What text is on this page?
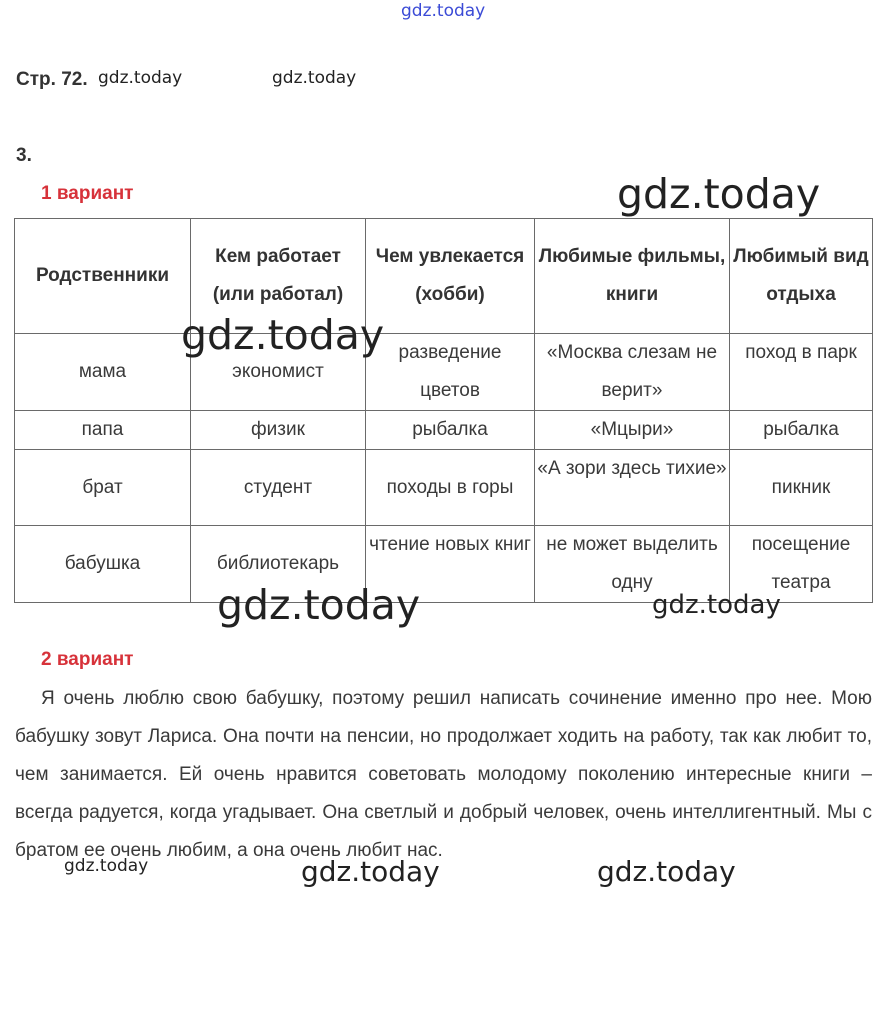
gdz.today
gdz.today	gdz.today
Стр. 72.
3.
1 вариант
Родственники	Кем работает (или работал)	Чем увлекается (хобби)	Любимые фильмы, книги	Любимый вид отдыха
мама	экономист	разведение цветов	«Москва слезам не верит»	поход в парк
папа	физик	рыбалка	«Мцыри»	рыбалка
брат	студент	походы в горы	«А зори здесь тихие»	пикник
бабушка	библиотекарь	чтение новых книг	не может выделить одну	посещение театра
2 вариант
Я очень люблю свою бабушку, поэтому решил написать сочинение именно про нее. Мою бабушку зовут Лариса. Она почти на пенсии, но продолжает ходить на работу, так как любит то, чем занимается. Ей очень нравится советовать молодому поколению интересные книги – всегда радуется, когда угадывает. Она светлый и добрый человек, очень интеллигентный. Мы с братом ее очень любим, а она очень любит нас.
gdz.today
gdz.today
gdz.today	gdz.today
gdz.today	gdz.today	gdz.today
